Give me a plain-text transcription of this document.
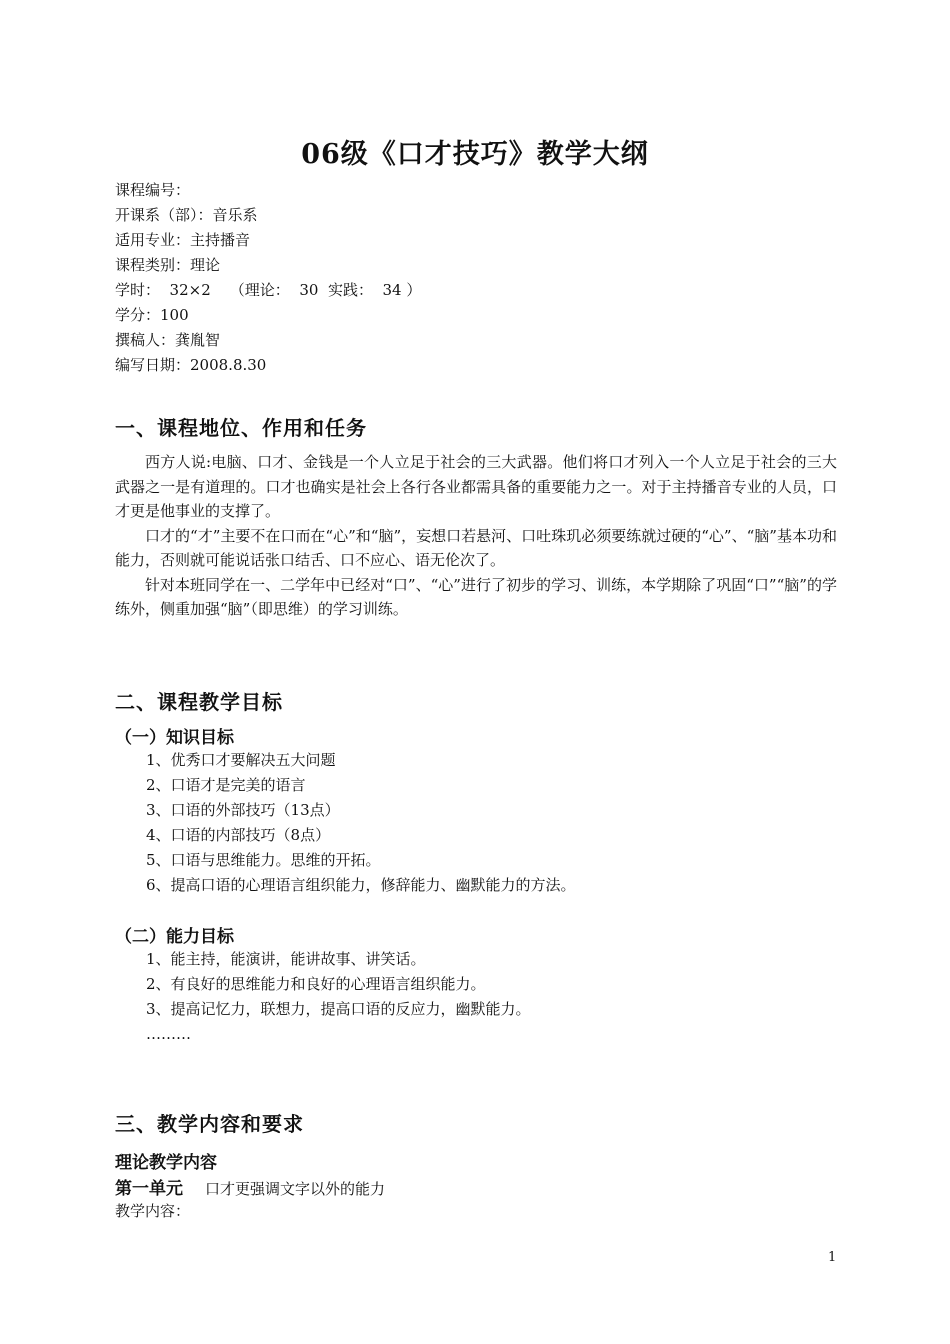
06级《口才技巧》教学大纲
课程编号：
开课系（部）：音乐系
适用专业：主持播音
课程类别：理论
学时：  32×2    （理论：  30  实践：  34 ）
学分：100
撰稿人：龚胤智
编写日期：2008.8.30
一、课程地位、作用和任务

西方人说:电脑、口才、金钱是一个人立足于社会的三大武器。他们将口才列入一个人立足于社会的三大武器之一是有道理的。口才也确实是社会上各行各业都需具备的重要能力之一。对于主持播音专业的人员，口才更是他事业的支撑了。

口才的“才”主要不在口而在“心”和“脑”，妄想口若悬河、口吐珠玑必须要练就过硬的“心”、“脑”基本功和能力，否则就可能说话张口结舌、口不应心、语无伦次了。

针对本班同学在一、二学年中已经对“口”、“心”进行了初步的学习、训练，本学期除了巩固“口”“脑”的学练外，侧重加强“脑”（即思维）的学习训练。

二、课程教学目标
（一）知识目标
1、优秀口才要解决五大问题
2、口语才是完美的语言
3、口语的外部技巧（13点）
4、口语的内部技巧（8点）
5、口语与思维能力。思维的开拓。
6、提高口语的心理语言组织能力，修辞能力、幽默能力的方法。
（二）能力目标
1、能主持，能演讲，能讲故事、讲笑话。
2、有良好的思维能力和良好的心理语言组织能力。
3、提高记忆力，联想力，提高口语的反应力，幽默能力。
………
三、教学内容和要求
理论教学内容
第一单元 口才更强调文字以外的能力
教学内容：
1
